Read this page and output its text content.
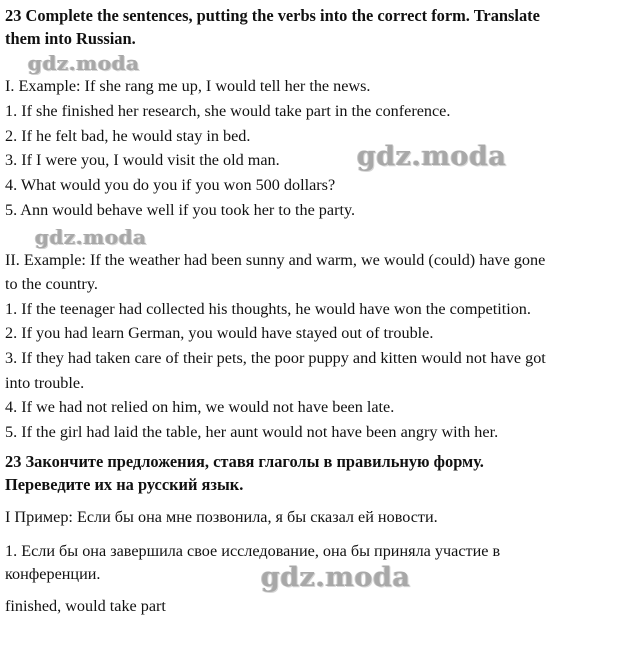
23 Complete the sentences, putting the verbs into the correct form. Translate
them into Russian.
gdz.moda
I. Example: If she rang me up, I would tell her the news.
1. If she finished her research, she would take part in the conference.
2. If he felt bad, he would stay in bed.
3. If I were you, I would visit the old man.	gdz.moda
4. What would you do you if you won 500 dollars?
5. Ann would behave well if you took her to the party.
gdz.moda
II. Example: If the weather had been sunny and warm, we would (could) have gone
to the country.
1. If the teenager had collected his thoughts, he would have won the competition.
2. If you had learn German, you would have stayed out of trouble.
3. If they had taken care of their pets, the poor puppy and kitten would not have got
into trouble.
4. If we had not relied on him, we would not have been late.
5. If the girl had laid the table, her aunt would not have been angry with her.
23 Закончите предложения, ставя глаголы в правильную форму.
Переведите их на русский язык.
I Пример: Если бы она мне позвонила, я бы сказал ей новости.
1. Если бы она завершила свое исследование, она бы приняла участие в
конференции.	gdz.moda
finished, would take part
